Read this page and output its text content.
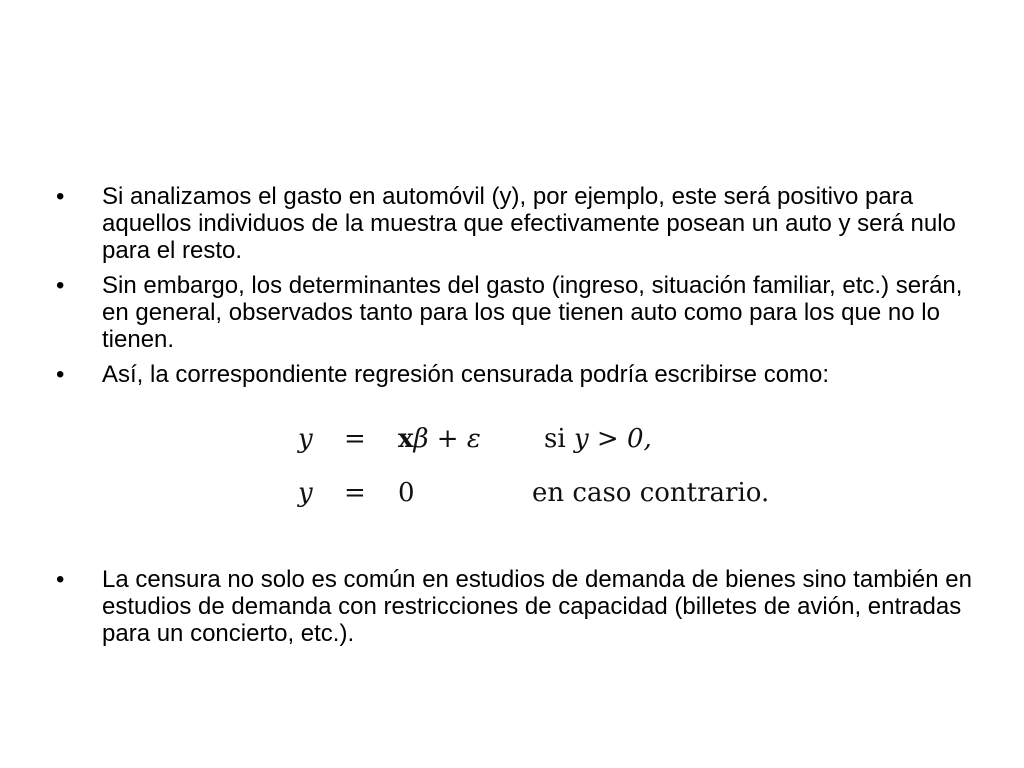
•	Si analizamos el gasto en automóvil (y), por ejemplo, este será positivo para aquellos individuos de la muestra que efectivamente posean un auto y será nulo para el resto.
•	Sin embargo, los determinantes del gasto (ingreso, situación familiar, etc.) serán, en general, observados tanto para los que tienen auto como para los que no lo tienen.
•	Así, la correspondiente regresión censurada podría escribirse como:
y = xβ + ε si y > 0,
y = 0	en caso contrario.
•	La censura no solo es común en estudios de demanda de bienes sino también en estudios de demanda con restricciones de capacidad (billetes de avión, entradas para un concierto, etc.).
